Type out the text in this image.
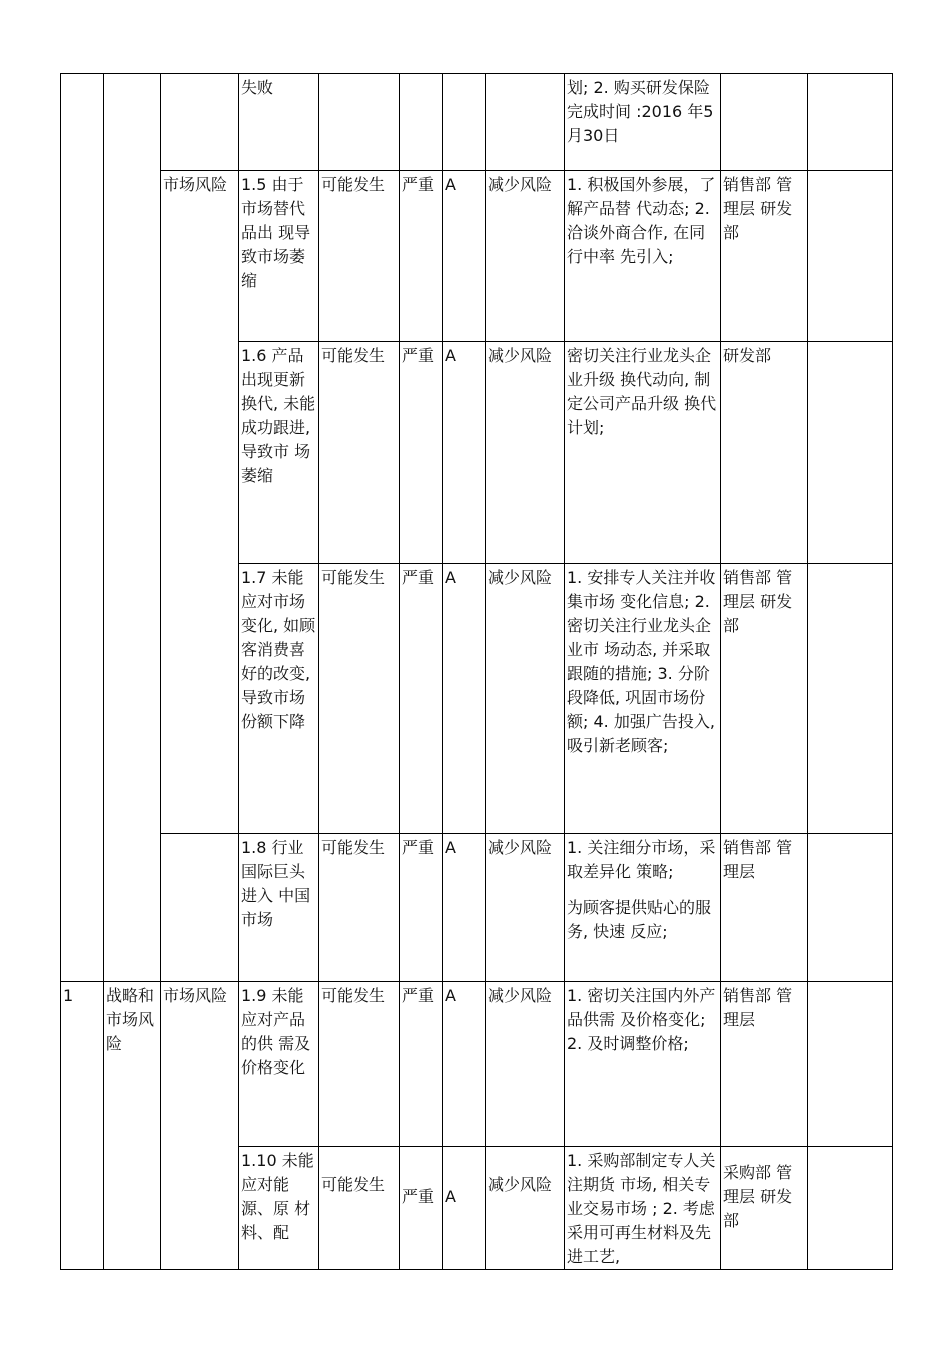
			失败					划; 2. 购买研发保险 完成时间 :2016 年5月30日		
		市场风险	1.5 由于市场替代品出 现导致市场萎缩	可能发生	严重	A	减少风险	1. 积极国外参展，了解产品替 代动态; 2. 洽谈外商合作, 在同行中率 先引入;	销售部 管理层 研发部	
			1.6 产品出现更新换代, 未能成功跟进, 导致市 场萎缩	可能发生	严重	A	减少风险	密切关注行业龙头企业升级 换代动向, 制定公司产品升级 换代计划;	研发部	
			1.7 未能应对市场变化, 如顾客消费喜好的改变, 导致市场份额下降	可能发生	严重	A	减少风险	1. 安排专人关注并收集市场 变化信息; 2. 密切关注行业龙头企业市 场动态, 并采取跟随的措施; 3. 分阶段降低, 巩固市场份额; 4. 加强广告投入, 吸引新老顾客;	销售部 管理层 研发部	
			1.8 行业国际巨头进入 中国市场	可能发生	严重	A	减少风险	1. 关注细分市场，采取差异化 策略;
为顾客提供贴心的服务, 快速 反应;	销售部 管理层	
1	战略和市场风险	市场风险	1.9 未能应对产品的供 需及价格变化	可能发生	严重	A	减少风险	1. 密切关注国内外产品供需 及价格变化; 2. 及时调整价格;	销售部 管理层	
			1.10 未能应对能源、原 材料、配	可能发生	严重	A	减少风险	1. 采购部制定专人关注期货 市场, 相关专业交易市场 ; 2. 考虑采用可再生材料及先 进工艺,	采购部 管理层 研发部	
